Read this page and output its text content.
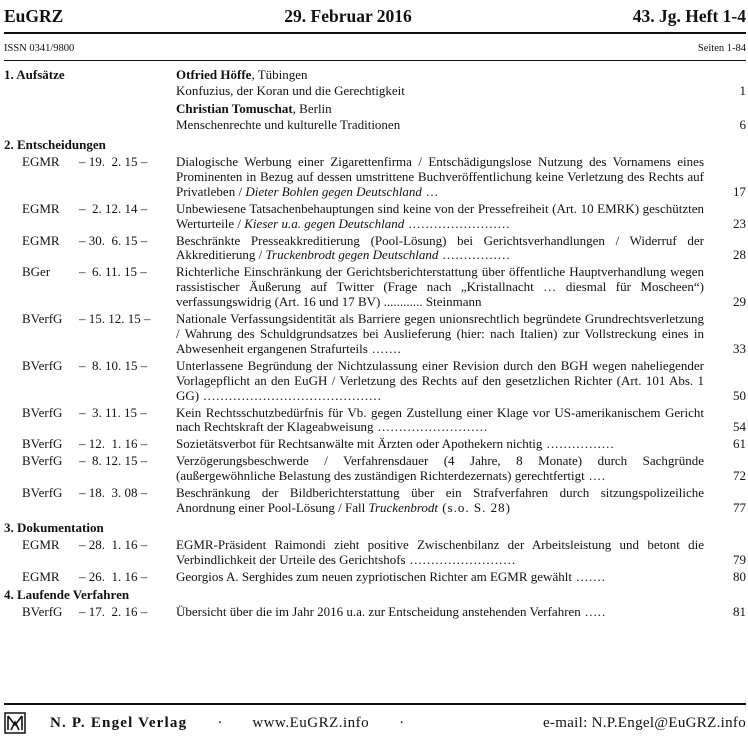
EuGRZ	29. Februar 2016	43. Jg. Heft 1-4
ISSN 0341/9800	Seiten 1-84
1. Aufsätze	Otfried Höffe, Tübingen
Konfuzius, der Koran und die Gerechtigkeit	1
Christian Tomuschat, Berlin
Menschenrechte und kulturelle Traditionen	6
2. Entscheidungen
EGMR	– 19.  2. 15 –	Dialogische Werbung einer Zigarettenfirma / Entschädigungslose Nutzung des Vornamens eines Prominenten in Bezug auf dessen umstrittene Buchveröffentlichung keine Verletzung des Rechts auf Privatleben / Dieter Bohlen gegen Deutschland ...	17
EGMR	–  2. 12. 14 –	Unbewiesene Tatsachenbehauptungen sind keine von der Pressefreiheit (Art. 10 EMRK) geschützten Werturteile / Kieser u.a. gegen Deutschland ........................	23
EGMR	– 30.  6. 15 –	Beschränkte Presseakkreditierung (Pool-Lösung) bei Gerichtsverhandlungen / Widerruf der Akkreditierung / Truckenbrodt gegen Deutschland ................	28
BGer	–  6. 11. 15 –	Richterliche Einschränkung der Gerichtsberichterstattung über öffentliche Hauptverhandlung wegen rassistischer Äußerung auf Twitter (Frage nach „Kristallnacht … diesmal für Moscheen“) verfassungswidrig (Art. 16 und 17 BV) ............ Steinmann	29
BVerfG	– 15. 12. 15 –	Nationale Verfassungsidentität als Barriere gegen unionsrechtlich begründete Grundrechtsverletzung / Wahrung des Schuldgrundsatzes bei Auslieferung (hier: nach Italien) zur Vollstreckung eines in Abwesenheit ergangenen Strafurteils .......	33
BVerfG	–  8. 10. 15 –	Unterlassene Begründung der Nichtzulassung einer Revision durch den BGH wegen naheliegender Vorlagepflicht an den EuGH / Verletzung des Rechts auf den gesetzlichen Richter (Art. 101 Abs. 1 GG) ..........................................	50
BVerfG	–  3. 11. 15 –	Kein Rechtsschutzbedürfnis für Vb. gegen Zustellung einer Klage vor US-amerikanischem Gericht nach Rechtskraft der Klageabweisung ..........................	54
BVerfG	– 12.  1. 16 –	Sozietätsverbot für Rechtsanwälte mit Ärzten oder Apothekern nichtig ................	61
BVerfG	–  8. 12. 15 –	Verzögerungsbeschwerde / Verfahrensdauer (4 Jahre, 8 Monate) durch Sachgründe (außergewöhnliche Belastung des zuständigen Richterdezernats) gerechtfertigt ....	72
BVerfG	– 18.  3. 08 –	Beschränkung der Bildberichterstattung über ein Strafverfahren durch sitzungspolizeiliche Anordnung einer Pool-Lösung / Fall Truckenbrodt (s.o. S. 28)	77
3. Dokumentation
EGMR	– 28.  1. 16 –	EGMR-Präsident Raimondi zieht positive Zwischenbilanz der Arbeitsleistung und betont die Verbindlichkeit der Urteile des Gerichtshofs .........................	79
EGMR	– 26.  1. 16 –	Georgios A. Serghides zum neuen zypriotischen Richter am EGMR gewählt .......	80
4. Laufende Verfahren
BVerfG	– 17.  2. 16 –	Übersicht über die im Jahr 2016 u.a. zur Entscheidung anstehenden Verfahren .....	81
N. P. Engel Verlag · www.EuGRZ.info ·	e-mail: N.P.Engel@EuGRZ.info
